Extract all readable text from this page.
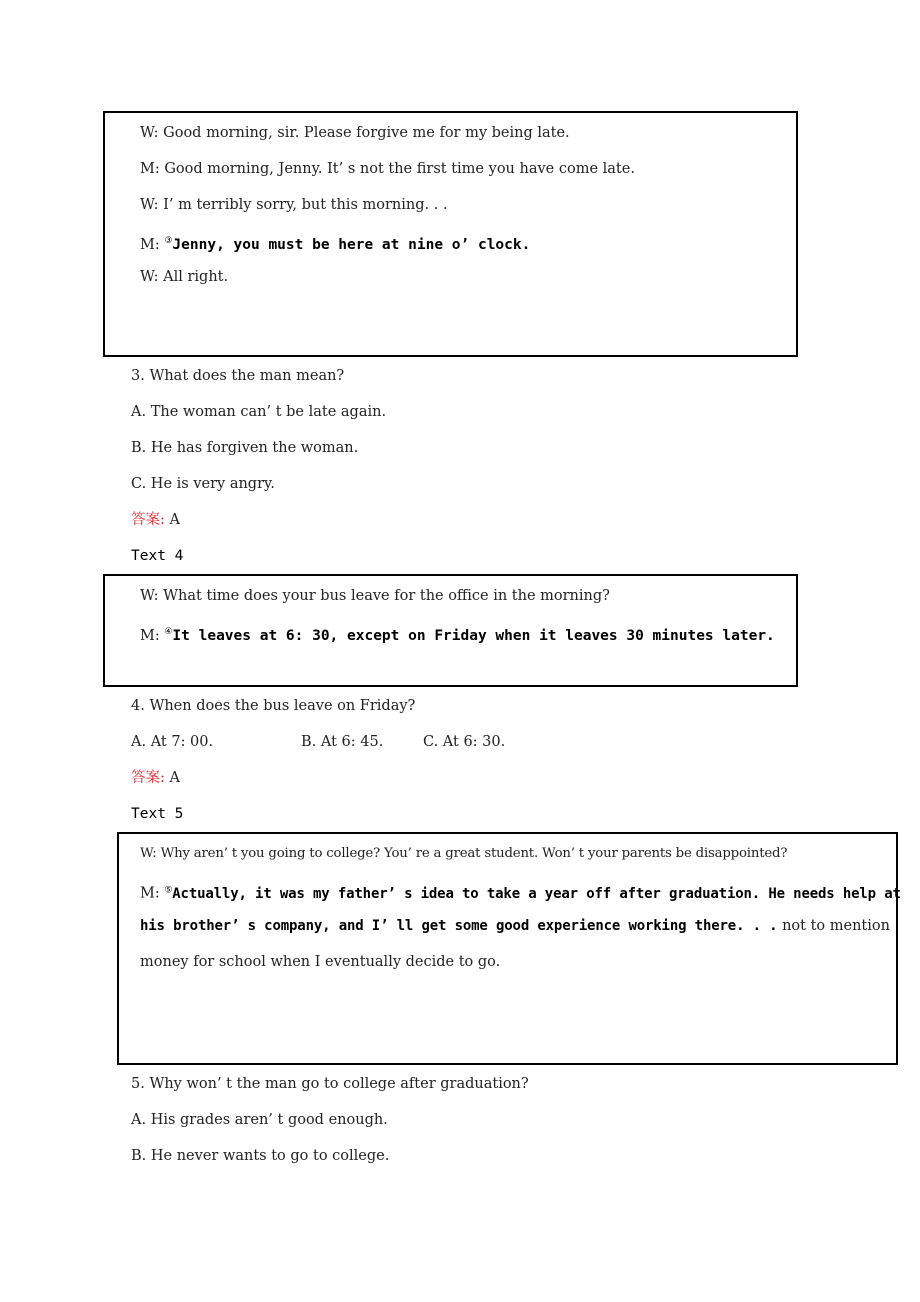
W: Good morning, sir. Please forgive me for my being late.
M: Good morning, Jenny. It’ s not the first time you have come late.
W: I’ m terribly sorry, but this morning. . .
M: ③Jenny, you must be here at nine o’ clock.
W: All right.
3. What does the man mean?
A. The woman can’ t be late again.
B. He has forgiven the woman.
C. He is very angry.
答案: A
Text 4
W: What time does your bus leave for the office in the morning?
M: ④It leaves at 6: 30, except on Friday when it leaves 30 minutes later.
4. When does the bus leave on Friday?
A. At 7: 00.	B. At 6: 45.	C. At 6: 30.
答案: A
Text 5
W: Why aren’ t you going to college? You’ re a great student. Won’ t your parents be disappointed?
M: ⑤Actually, it was my father’ s idea to take a year off after graduation. He needs help at
his brother’ s company, and I’ ll get some good experience working there. . . not to mention
money for school when I eventually decide to go.
5. Why won’ t the man go to college after graduation?
A. His grades aren’ t good enough.
B. He never wants to go to college.
